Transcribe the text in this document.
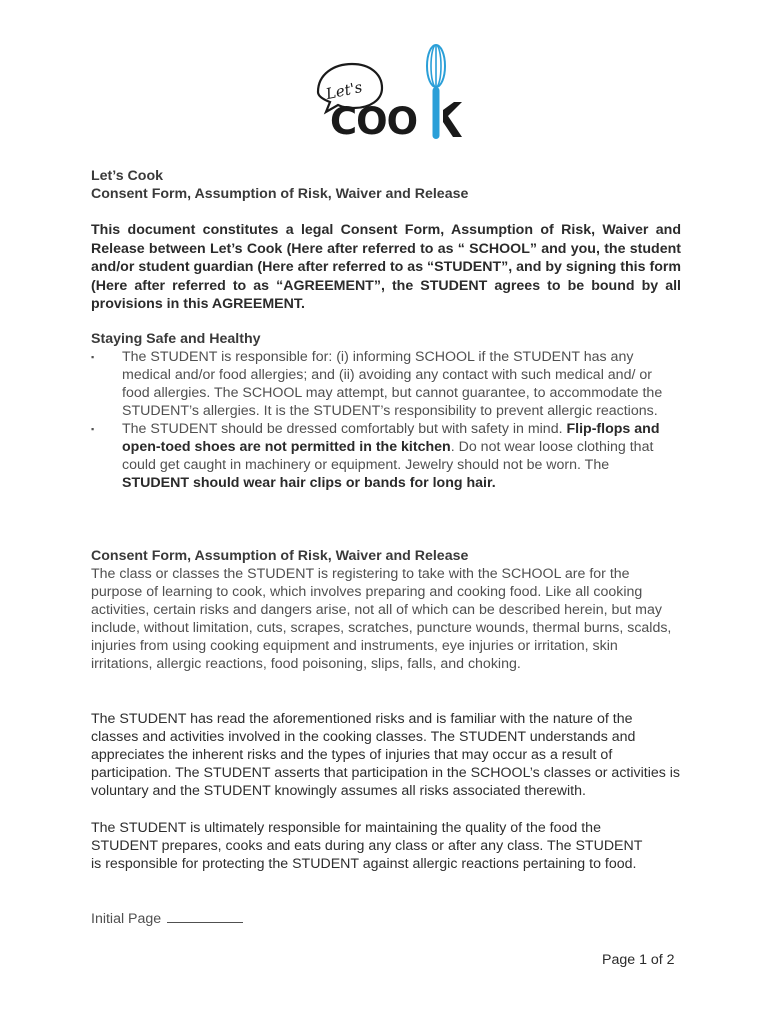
Let's
COO
Let’s Cook
Consent Form, Assumption of Risk, Waiver and Release
This document constitutes a legal Consent Form, Assumption of Risk, Waiver and Release between Let’s Cook (Here after referred to as “ SCHOOL” and you, the student and/or student guardian (Here after referred to as “STUDENT”, and by signing this form (Here after referred to as “AGREEMENT”, the STUDENT agrees to be bound by all provisions in this AGREEMENT.
Staying Safe and Healthy
▪ The STUDENT is responsible for: (i) informing SCHOOL if the STUDENT has any medical and/or food allergies; and (ii) avoiding any contact with such medical and/ or food allergies. The SCHOOL may attempt, but cannot guarantee, to accommodate the STUDENT’s allergies. It is the STUDENT’s responsibility to prevent allergic reactions.
▪ The STUDENT should be dressed comfortably but with safety in mind. Flip-flops and open-toed shoes are not permitted in the kitchen. Do not wear loose clothing that could get caught in machinery or equipment. Jewelry should not be worn. The STUDENT should wear hair clips or bands for long hair.
Consent Form, Assumption of Risk, Waiver and Release
The class or classes the STUDENT is registering to take with the SCHOOL are for the purpose of learning to cook, which involves preparing and cooking food. Like all cooking activities, certain risks and dangers arise, not all of which can be described herein, but may include, without limitation, cuts, scrapes, scratches, puncture wounds, thermal burns, scalds, injuries from using cooking equipment and instruments, eye injuries or irritation, skin irritations, allergic reactions, food poisoning, slips, falls, and choking.
The STUDENT has read the aforementioned risks and is familiar with the nature of the classes and activities involved in the cooking classes. The STUDENT understands and appreciates the inherent risks and the types of injuries that may occur as a result of participation. The STUDENT asserts that participation in the SCHOOL’s classes or activities is voluntary and the STUDENT knowingly assumes all risks associated therewith.
The STUDENT is ultimately responsible for maintaining the quality of the food the STUDENT prepares, cooks and eats during any class or after any class. The STUDENT is responsible for protecting the STUDENT against allergic reactions pertaining to food.
Initial Page
Page 1 of 2
